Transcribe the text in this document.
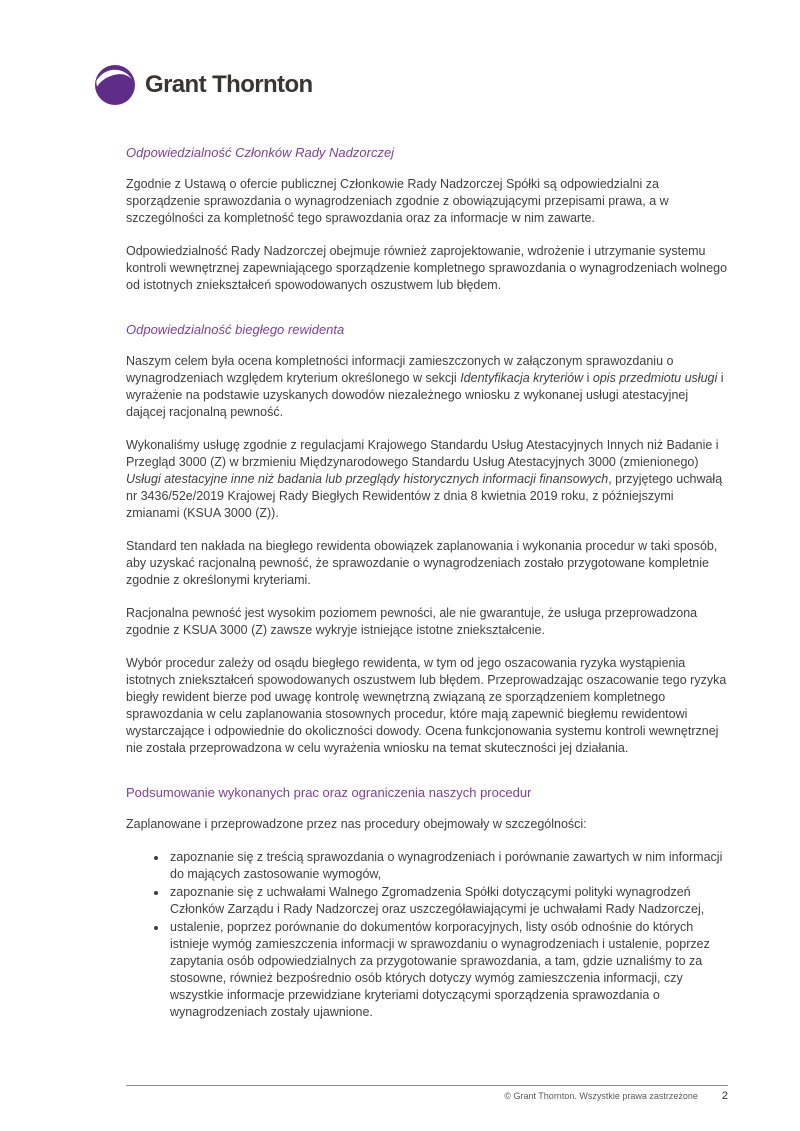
Grant Thornton
Odpowiedzialność Członków Rady Nadzorczej

Zgodnie z Ustawą o ofercie publicznej Członkowie Rady Nadzorczej Spółki są odpowiedzialni za sporządzenie sprawozdania o wynagrodzeniach zgodnie z obowiązującymi przepisami prawa, a w szczególności za kompletność tego sprawozdania oraz za informacje w nim zawarte.

Odpowiedzialność Rady Nadzorczej obejmuje również zaprojektowanie, wdrożenie i utrzymanie systemu kontroli wewnętrznej zapewniającego sporządzenie kompletnego sprawozdania o wynagrodzeniach wolnego od istotnych zniekształceń spowodowanych oszustwem lub błędem.

Odpowiedzialność biegłego rewidenta

Naszym celem była ocena kompletności informacji zamieszczonych w załączonym sprawozdaniu o wynagrodzeniach względem kryterium określonego w sekcji Identyfikacja kryteriów i opis przedmiotu usługi i wyrażenie na podstawie uzyskanych dowodów niezależnego wniosku z wykonanej usługi atestacyjnej dającej racjonalną pewność.

Wykonaliśmy usługę zgodnie z regulacjami Krajowego Standardu Usług Atestacyjnych Innych niż Badanie i Przegląd 3000 (Z) w brzmieniu Międzynarodowego Standardu Usług Atestacyjnych 3000 (zmienionego) Usługi atestacyjne inne niż badania lub przeglądy historycznych informacji finansowych, przyjętego uchwałą nr 3436/52e/2019 Krajowej Rady Biegłych Rewidentów z dnia 8 kwietnia 2019 roku, z późniejszymi zmianami (KSUA 3000 (Z)).

Standard ten nakłada na biegłego rewidenta obowiązek zaplanowania i wykonania procedur w taki sposób, aby uzyskać racjonalną pewność, że sprawozdanie o wynagrodzeniach zostało przygotowane kompletnie zgodnie z określonymi kryteriami.

Racjonalna pewność jest wysokim poziomem pewności, ale nie gwarantuje, że usługa przeprowadzona zgodnie z KSUA 3000 (Z) zawsze wykryje istniejące istotne zniekształcenie.

Wybór procedur zależy od osądu biegłego rewidenta, w tym od jego oszacowania ryzyka wystąpienia istotnych zniekształceń spowodowanych oszustwem lub błędem. Przeprowadzając oszacowanie tego ryzyka biegły rewident bierze pod uwagę kontrolę wewnętrzną związaną ze sporządzeniem kompletnego sprawozdania w celu zaplanowania stosownych procedur, które mają zapewnić biegłemu rewidentowi wystarczające i odpowiednie do okoliczności dowody. Ocena funkcjonowania systemu kontroli wewnętrznej nie została przeprowadzona w celu wyrażenia wniosku na temat skuteczności jej działania.

Podsumowanie wykonanych prac oraz ograniczenia naszych procedur

Zaplanowane i przeprowadzone przez nas procedury obejmowały w szczególności:

• zapoznanie się z treścią sprawozdania o wynagrodzeniach i porównanie zawartych w nim informacji do mających zastosowanie wymogów,
• zapoznanie się z uchwałami Walnego Zgromadzenia Spółki dotyczącymi polityki wynagrodzeń Członków Zarządu i Rady Nadzorczej oraz uszczegóławiającymi je uchwałami Rady Nadzorczej,
• ustalenie, poprzez porównanie do dokumentów korporacyjnych, listy osób odnośnie do których istnieje wymóg zamieszczenia informacji w sprawozdaniu o wynagrodzeniach i ustalenie, poprzez zapytania osób odpowiedzialnych za przygotowanie sprawozdania, a tam, gdzie uznaliśmy to za stosowne, również bezpośrednio osób których dotyczy wymóg zamieszczenia informacji, czy wszystkie informacje przewidziane kryteriami dotyczącymi sporządzenia sprawozdania o wynagrodzeniach zostały ujawnione.
© Grant Thornton. Wszystkie prawa zastrzeżone 2
